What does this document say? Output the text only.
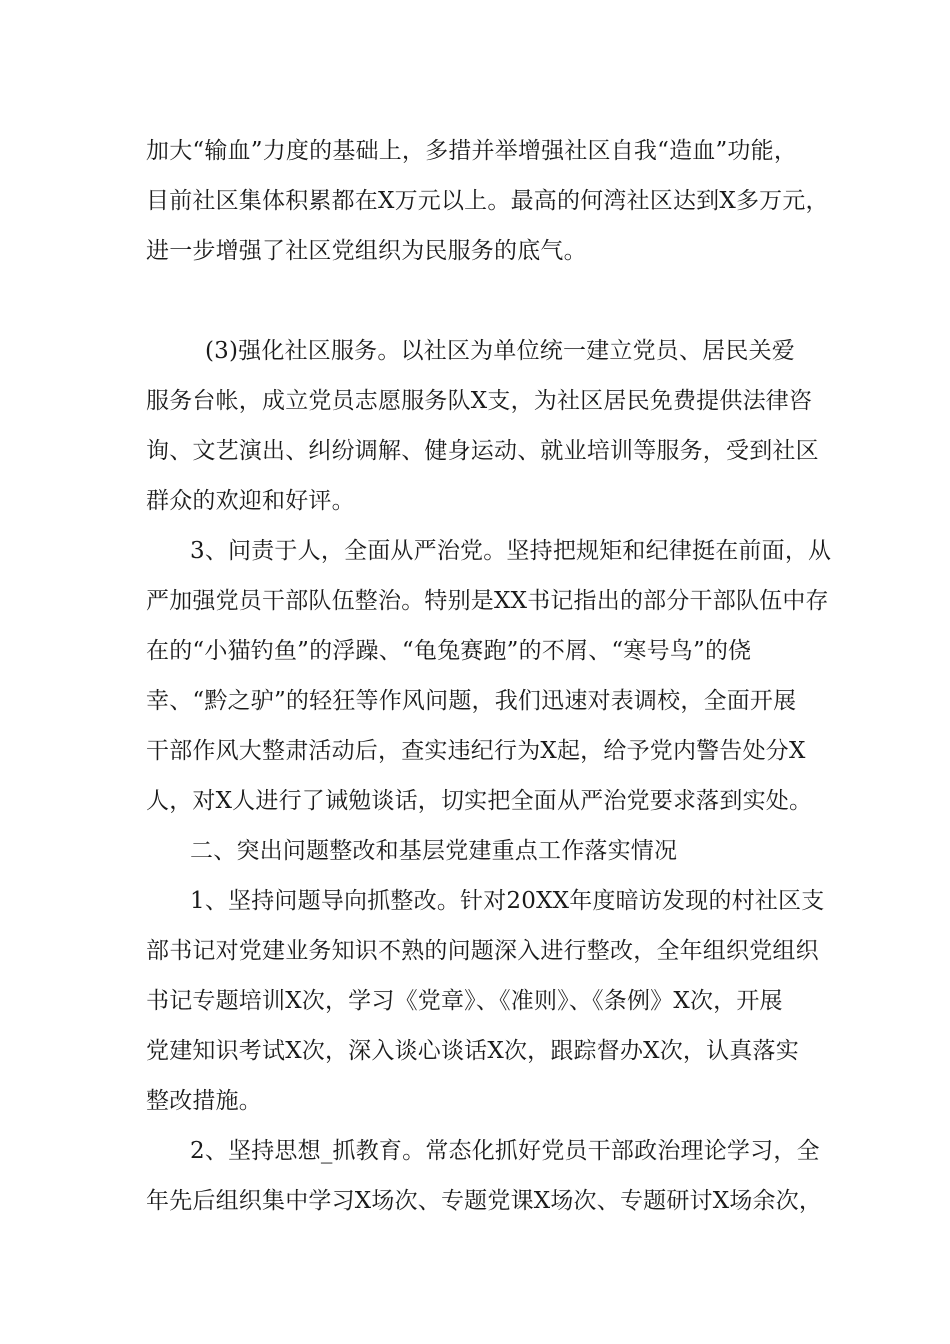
加大“输血”力度的基础上，多措并举增强社区自我“造血”功能，
目前社区集体积累都在X万元以上。最高的何湾社区达到X多万元，
进一步增强了社区党组织为民服务的底气。
(3)强化社区服务。以社区为单位统一建立党员、居民关爱
服务台帐，成立党员志愿服务队X支，为社区居民免费提供法律咨
询、文艺演出、纠纷调解、健身运动、就业培训等服务，受到社区
群众的欢迎和好评。
3、问责于人，全面从严治党。坚持把规矩和纪律挺在前面，从
严加强党员干部队伍整治。特别是XX书记指出的部分干部队伍中存
在的“小猫钓鱼”的浮躁、“龟兔赛跑”的不屑、“寒号鸟”的侥
幸、“黔之驴”的轻狂等作风问题，我们迅速对表调校，全面开展
干部作风大整肃活动后，查实违纪行为X起，给予党内警告处分X
人，对X人进行了诫勉谈话，切实把全面从严治党要求落到实处。
二、突出问题整改和基层党建重点工作落实情况
1、坚持问题导向抓整改。针对20XX年度暗访发现的村社区支
部书记对党建业务知识不熟的问题深入进行整改，全年组织党组织
书记专题培训X次，学习《党章》、《准则》、《条例》X次，开展
党建知识考试X次，深入谈心谈话X次，跟踪督办X次，认真落实
整改措施。
2、坚持思想_抓教育。常态化抓好党员干部政治理论学习，全
年先后组织集中学习X场次、专题党课X场次、专题研讨X场余次，
